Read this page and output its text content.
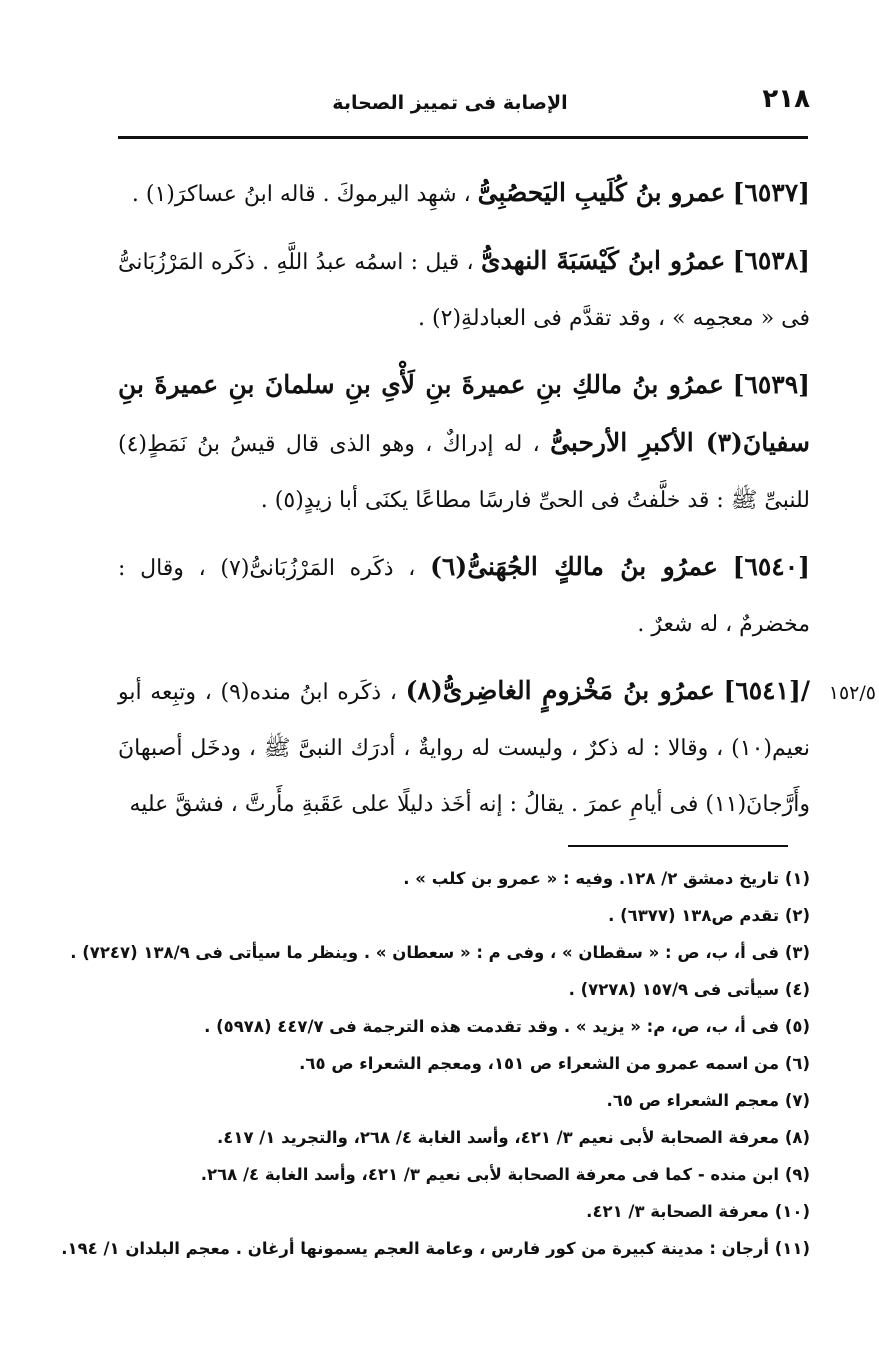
٢١٨
الإصابة فى تمييز الصحابة

[٦٥٣٧] عمرو بنُ كُلَيبِ اليَحصُبِىُّ ، شهِد اليرموكَ . قاله ابنُ عساكرَ(١) .

[٦٥٣٨] عمرُو ابنُ كَيْسَبَةَ النهدىُّ ، قيل : اسمُه عبدُ اللَّهِ . ذكَره المَرْزُبَانىُّ فى « معجمِه » ، وقد تقدَّم فى العبادلةِ(٢) .

[٦٥٣٩] عمرُو بنُ مالكِ بنِ عميرةَ بنِ لَأْىِ بنِ سلمانَ بنِ عميرةَ بنِ سفيانَ(٣) الأكبرِ الأرحبىُّ ، له إدراكٌ ، وهو الذى قال قيسُ بنُ نَمَطٍ(٤) للنبىِّ ﷺ : قد خلَّفتُ فى الحىِّ فارسًا مطاعًا يكنَى أبا زيدٍ(٥) .

[٦٥٤٠] عمرُو بنُ مالكٍ الجُهَنىُّ(٦) ، ذكَره المَرْزُبَانىُّ(٧) ، وقال : مخضرمٌ ، له شعرٌ .

/[٦٥٤١] عمرُو بنُ مَخْزومٍ الغاضِرىُّ(٨) ، ذكَره ابنُ منده(٩) ، وتبِعه أبو نعيم(١٠) ، وقالا : له ذكرٌ ، وليست له روايةٌ ، أدرَك النبىَّ ﷺ ، ودخَل أصبهانَ وأَرَّجانَ(١١) فى أيامِ عمرَ . يقالُ : إنه أخَذ دليلًا على عَقَبةِ مأَرتَّ ، فشقَّ عليه

١٥٢/٥
(١) تاريخ دمشق ٢/ ١٢٨. وفيه : « عمرو بن كلب » .
(٢) تقدم ص١٣٨ (٦٣٧٧) .
(٣) فى أ، ب، ص : « سقطان » ، وفى م : « سعطان » . وينظر ما سيأتى فى ١٣٨/٩ (٧٢٤٧) .
(٤) سيأتى فى ١٥٧/٩ (٧٢٧٨) .
(٥) فى أ، ب، ص، م: « يزيد » . وقد تقدمت هذه الترجمة فى ٤٤٧/٧ (٥٩٧٨) .
(٦) من اسمه عمرو من الشعراء ص ١٥١، ومعجم الشعراء ص ٦٥.
(٧) معجم الشعراء ص ٦٥.
(٨) معرفة الصحابة لأبى نعيم ٣/ ٤٢١، وأسد الغابة ٤/ ٢٦٨، والتجريد ١/ ٤١٧.
(٩) ابن منده - كما فى معرفة الصحابة لأبى نعيم ٣/ ٤٢١، وأسد الغابة ٤/ ٢٦٨.
(١٠) معرفة الصحابة ٣/ ٤٢١.
(١١) أرجان : مدينة كبيرة من كور فارس ، وعامة العجم يسمونها أرغان . معجم البلدان ١/ ١٩٤.
